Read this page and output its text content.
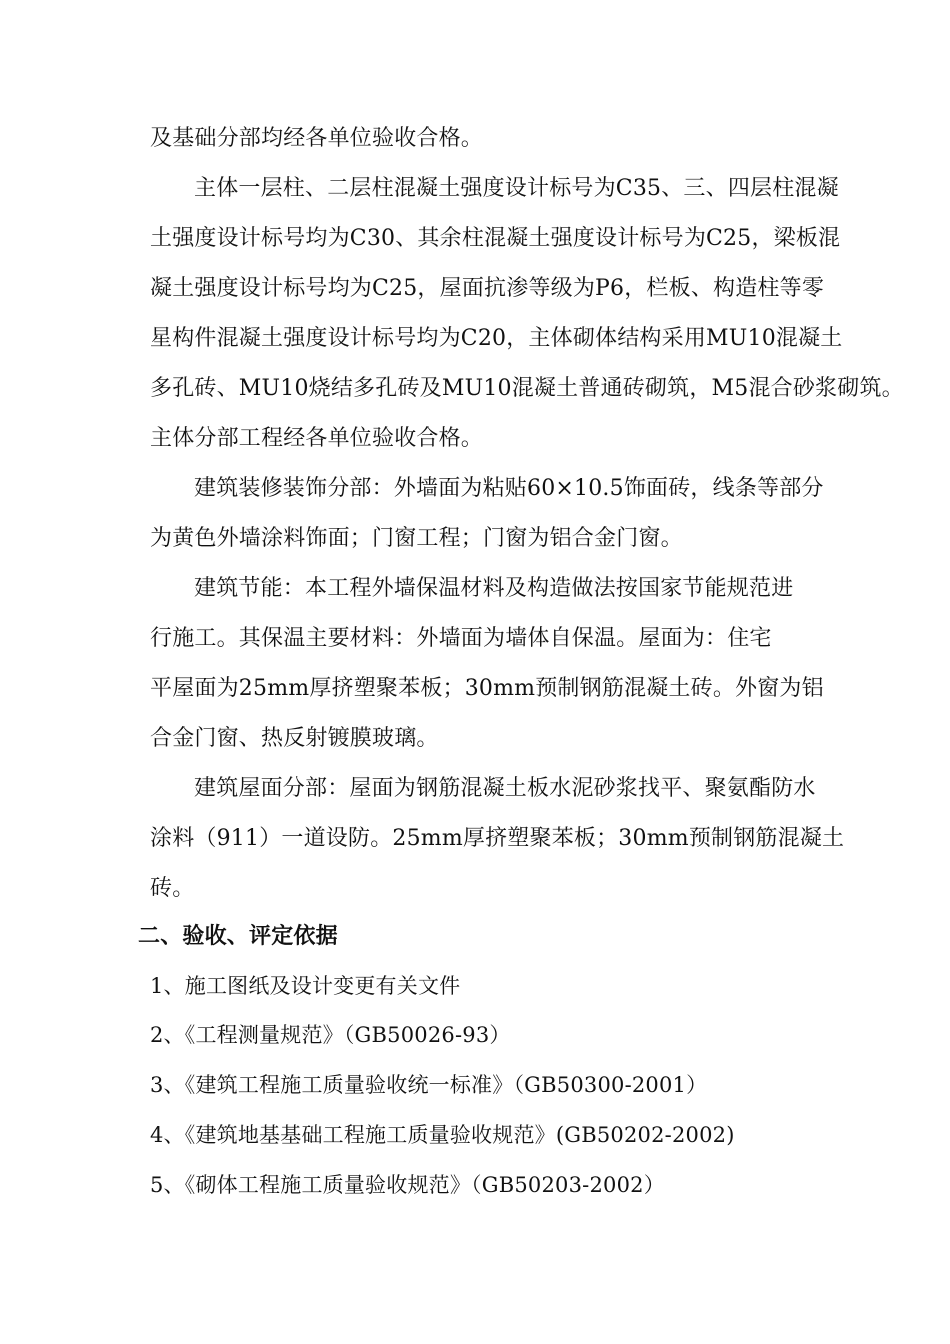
及基础分部均经各单位验收合格。
主体一层柱、二层柱混凝土强度设计标号为C35、三、四层柱混凝
土强度设计标号均为C30、其余柱混凝土强度设计标号为C25，梁板混
凝土强度设计标号均为C25，屋面抗渗等级为P6，栏板、构造柱等零
星构件混凝土强度设计标号均为C20，主体砌体结构采用MU10混凝土
多孔砖、MU10烧结多孔砖及MU10混凝土普通砖砌筑，M5混合砂浆砌筑。
主体分部工程经各单位验收合格。
建筑装修装饰分部：外墙面为粘贴60×10.5饰面砖，线条等部分
为黄色外墙涂料饰面；门窗工程；门窗为铝合金门窗。
建筑节能：本工程外墙保温材料及构造做法按国家节能规范进
行施工。其保温主要材料：外墙面为墙体自保温。屋面为：住宅
平屋面为25mm厚挤塑聚苯板；30mm预制钢筋混凝土砖。外窗为铝
合金门窗、热反射镀膜玻璃。
建筑屋面分部：屋面为钢筋混凝土板水泥砂浆找平、聚氨酯防水
涂料（911）一道设防。25mm厚挤塑聚苯板；30mm预制钢筋混凝土
砖。
二、验收、评定依据
1、施工图纸及设计变更有关文件
2、《工程测量规范》（GB50026-93）
3、《建筑工程施工质量验收统一标准》（GB50300-2001）
4、《建筑地基基础工程施工质量验收规范》(GB50202-2002)
5、《砌体工程施工质量验收规范》（GB50203-2002）
